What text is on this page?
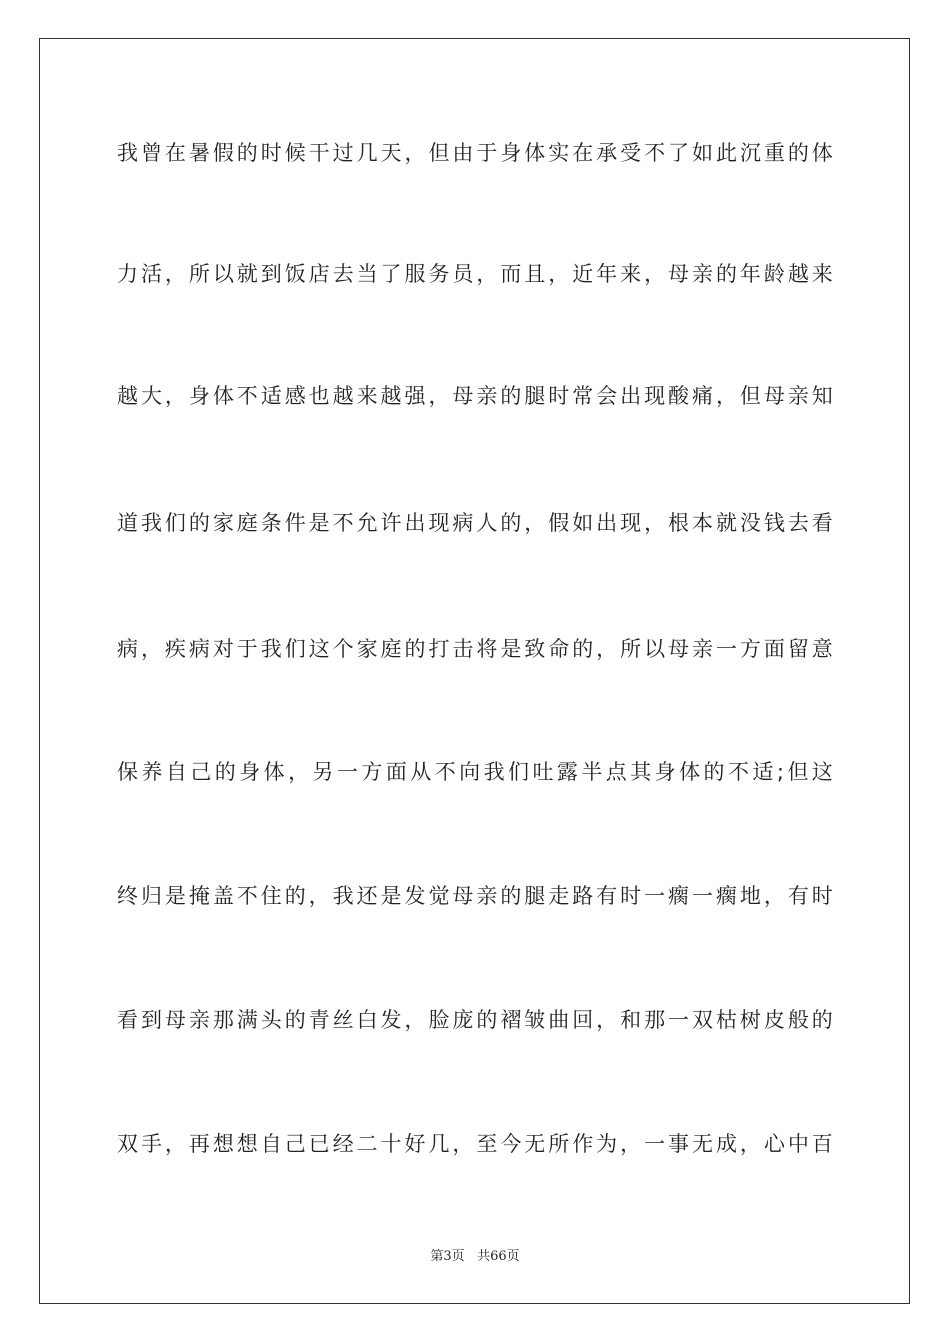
我曾在暑假的时候干过几天，但由于身体实在承受不了如此沉重的体
力活，所以就到饭店去当了服务员，而且，近年来，母亲的年龄越来
越大，身体不适感也越来越强，母亲的腿时常会出现酸痛，但母亲知
道我们的家庭条件是不允许出现病人的，假如出现，根本就没钱去看
病，疾病对于我们这个家庭的打击将是致命的，所以母亲一方面留意
保养自己的身体，另一方面从不向我们吐露半点其身体的不适;但这
终归是掩盖不住的，我还是发觉母亲的腿走路有时一瘸一瘸地，有时
看到母亲那满头的青丝白发，脸庞的褶皱曲回，和那一双枯树皮般的
双手，再想想自己已经二十好几，至今无所作为，一事无成，心中百
第3页 共66页
